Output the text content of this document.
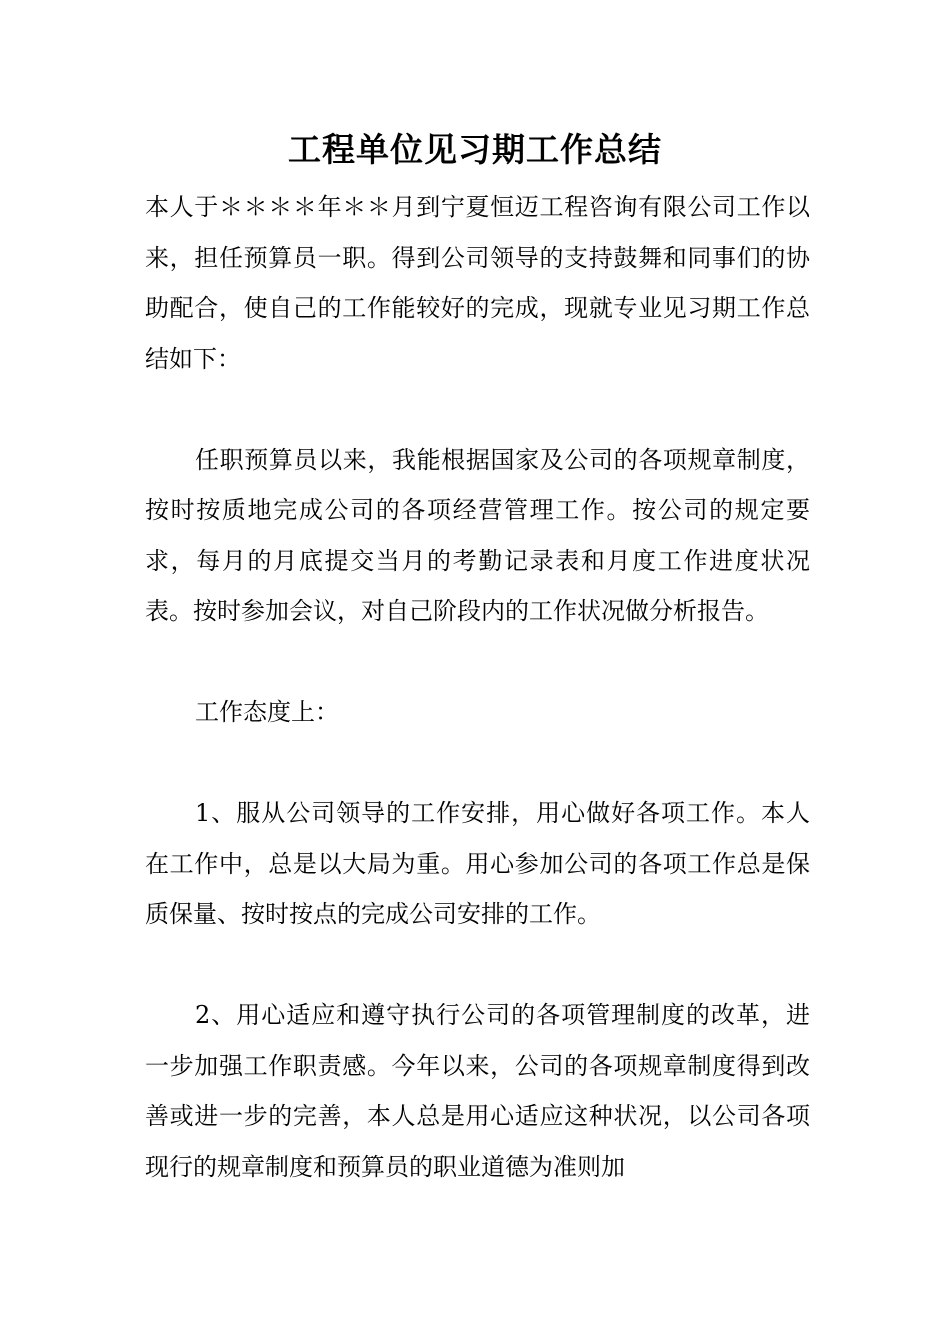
工程单位见习期工作总结

本人于＊＊＊＊年＊＊月到宁夏恒迈工程咨询有限公司工作以来，担任预算员一职。得到公司领导的支持鼓舞和同事们的协助配合，使自己的工作能较好的完成，现就专业见习期工作总结如下：

任职预算员以来，我能根据国家及公司的各项规章制度，按时按质地完成公司的各项经营管理工作。按公司的规定要求，每月的月底提交当月的考勤记录表和月度工作进度状况表。按时参加会议，对自己阶段内的工作状况做分析报告。

工作态度上：

1、服从公司领导的工作安排，用心做好各项工作。本人在工作中，总是以大局为重。用心参加公司的各项工作总是保质保量、按时按点的完成公司安排的工作。

2、用心适应和遵守执行公司的各项管理制度的改革，进一步加强工作职责感。今年以来，公司的各项规章制度得到改善或进一步的完善，本人总是用心适应这种状况，以公司各项现行的规章制度和预算员的职业道德为准则加
